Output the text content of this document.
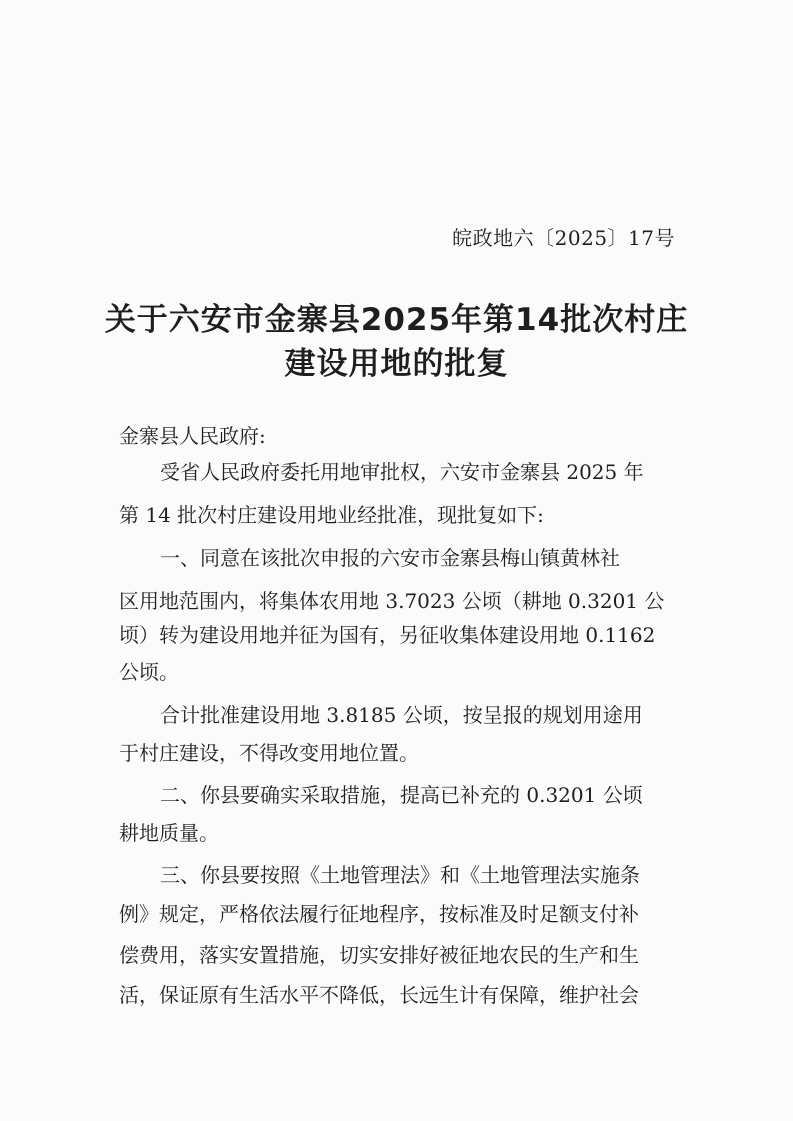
皖政地六〔2025〕17号
关于六安市金寨县2025年第14批次村庄
建设用地的批复
金寨县人民政府:
受省人民政府委托用地审批权，六安市金寨县 2025 年
第 14 批次村庄建设用地业经批准，现批复如下:
一、同意在该批次申报的六安市金寨县梅山镇黄林社
区用地范围内，将集体农用地 3.7023 公顷（耕地 0.3201 公
顷）转为建设用地并征为国有，另征收集体建设用地 0.1162
公顷。
合计批准建设用地 3.8185 公顷，按呈报的规划用途用
于村庄建设，不得改变用地位置。
二、你县要确实采取措施，提高已补充的 0.3201 公顷
耕地质量。
三、你县要按照《土地管理法》和《土地管理法实施条
例》规定，严格依法履行征地程序，按标准及时足额支付补
偿费用，落实安置措施，切实安排好被征地农民的生产和生
活，保证原有生活水平不降低，长远生计有保障，维护社会
